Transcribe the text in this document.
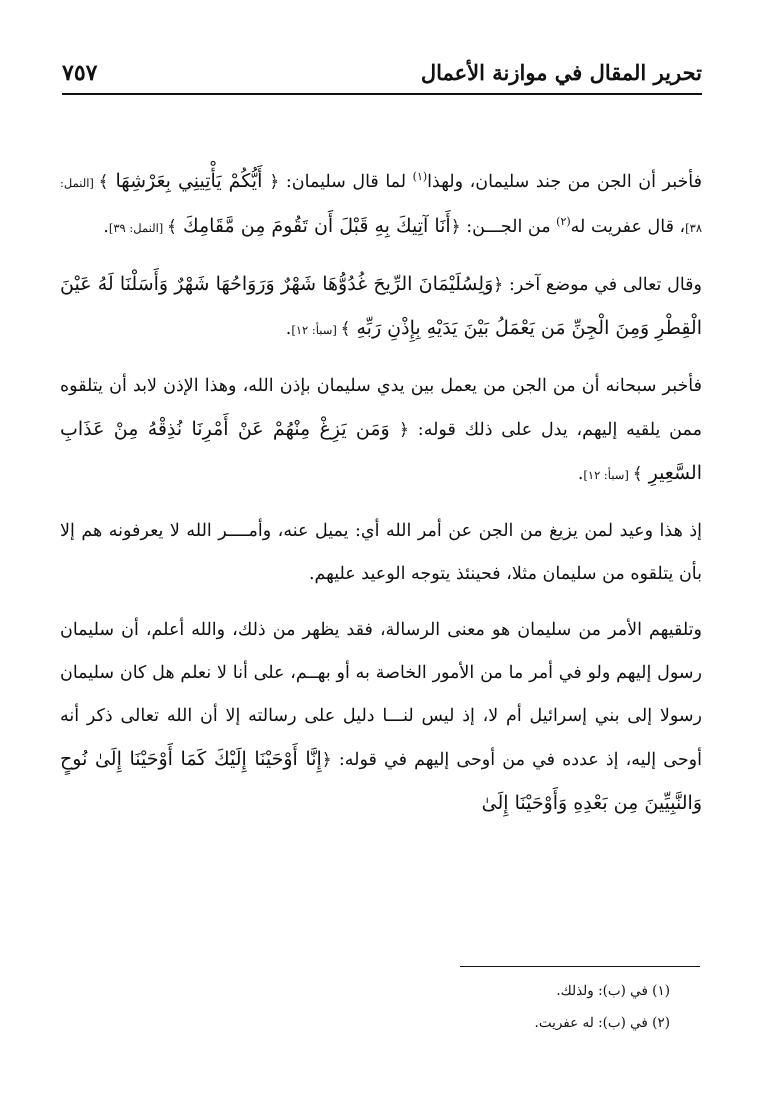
تحرير المقال في موازنة الأعمال
٧٥٧

فأخبر أن الجن من جند سليمان، ولهذا$^{(١)}$ لما قال سليمان: ﴿ أَيُّكُمْ يَأْتِينِي بِعَرْشِهَا ﴾ [النمل: ٣٨]، قال عفريت له$^{(٢)}$ من الجـــن: ﴿أَنَا آتِيكَ بِهِ قَبْلَ أَن تَقُومَ مِن مَّقَامِكَ ﴾ [النمل: ٣٩].

وقال تعالى في موضع آخر: ﴿وَلِسُلَيْمَانَ الرِّيحَ غُدُوُّهَا شَهْرٌ وَرَوَاحُهَا شَهْرٌ وَأَسَلْنَا لَهُ عَيْنَ الْقِطْرِ وَمِنَ الْجِنِّ مَن يَعْمَلُ بَيْنَ يَدَيْهِ بِإِذْنِ رَبِّهِ ﴾ [سبأ: ١٢].

فأخبر سبحانه أن من الجن من يعمل بين يدي سليمان بإذن الله، وهذا الإذن لابد أن يتلقوه ممن يلقيه إليهم، يدل على ذلك قوله: ﴿ وَمَن يَزِغْ مِنْهُمْ عَنْ أَمْرِنَا نُذِقْهُ مِنْ عَذَابِ السَّعِيرِ ﴾ [سبأ: ١٢].

إذ هذا وعيد لمن يزيغ من الجن عن أمر الله أي: يميل عنه، وأمــــر الله لا يعرفونه هم إلا بأن يتلقوه من سليمان مثلا، فحينئذ يتوجه الوعيد عليهم.

وتلقيهم الأمر من سليمان هو معنى الرسالة، فقد يظهر من ذلك، والله أعلم، أن سليمان رسول إليهم ولو في أمر ما من الأمور الخاصة به أو بهــم، على أنا لا نعلم هل كان سليمان رسولا إلى بني إسرائيل أم لا، إذ ليس لنـــا دليل على رسالته إلا أن الله تعالى ذكر أنه أوحى إليه، إذ عدده في من أوحى إليهم في قوله: ﴿إِنَّا أَوْحَيْنَا إِلَيْكَ كَمَا أَوْحَيْنَا إِلَىٰ نُوحٍ وَالنَّبِيِّينَ مِن بَعْدِهِ وَأَوْحَيْنَا إِلَىٰ

(١) في (ب): ولذلك.

(٢) في (ب): له عفريت.
